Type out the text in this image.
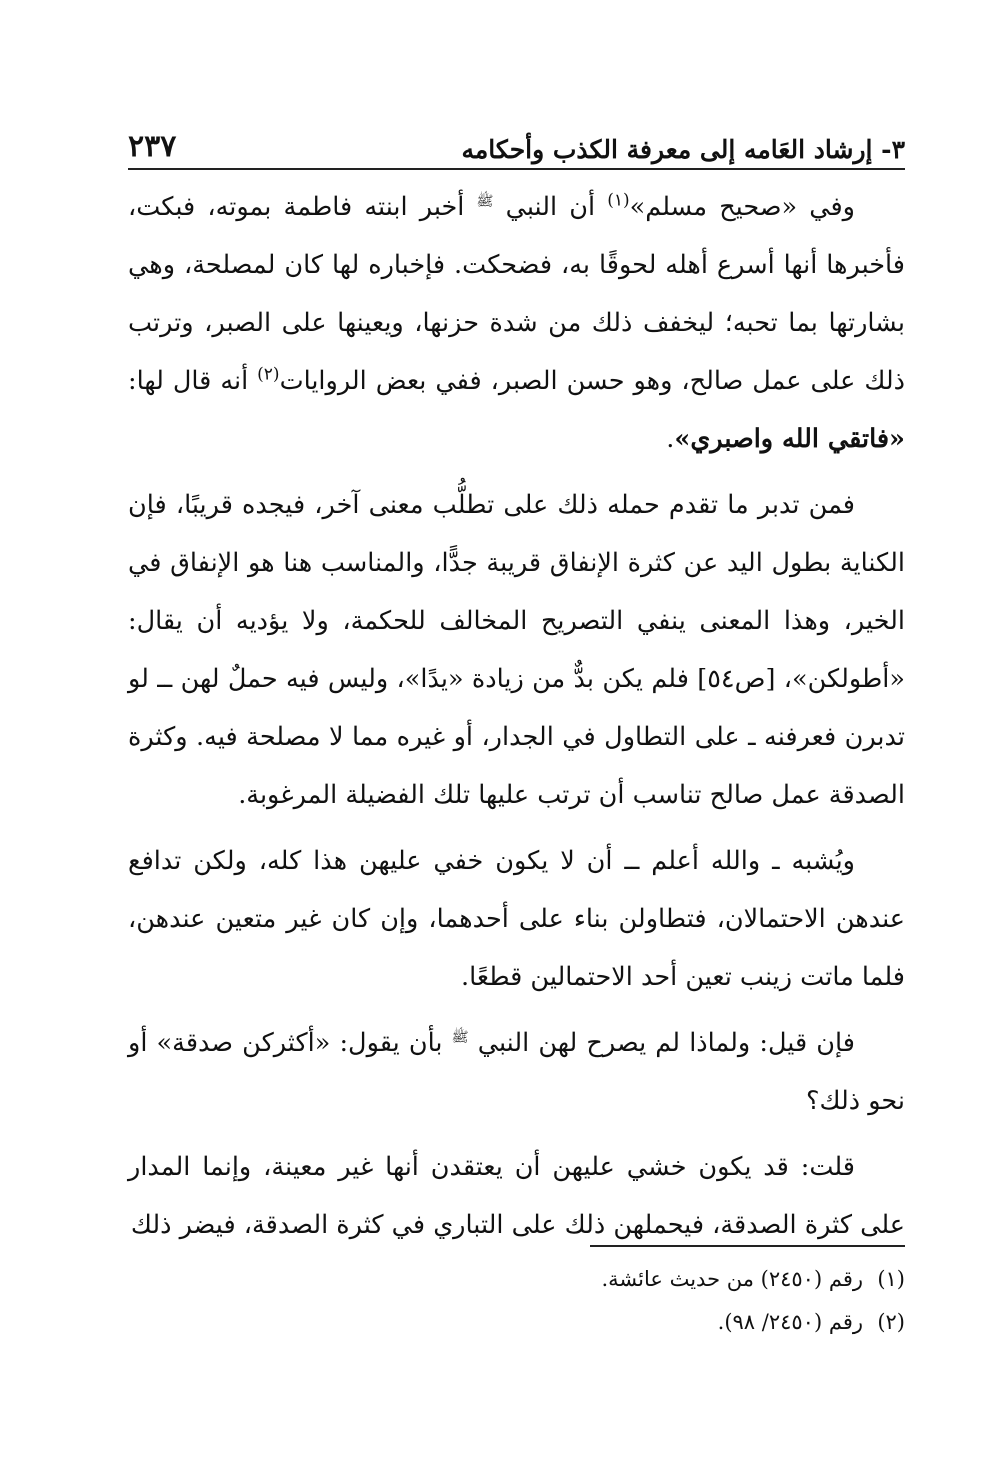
٣- إرشاد العَامه إلى معرفة الكذب وأحكامه
٢٣٧

وفي «صحيح مسلم»$^{(١)}$ أن النبي $^ﷺ$ أخبر ابنته فاطمة بموته، فبكت، فأخبرها أنها أسرع أهله لحوقًا به، فضحكت. فإخباره لها كان لمصلحة، وهي بشارتها بما تحبه؛ ليخفف ذلك من شدة حزنها، ويعينها على الصبر، وترتب ذلك على عمل صالح، وهو حسن الصبر، ففي بعض الروايات$^{(٢)}$ أنه قال لها: «فاتقي الله واصبري».

فمن تدبر ما تقدم حمله ذلك على تطلُّب معنى آخر، فيجده قريبًا، فإن الكناية بطول اليد عن كثرة الإنفاق قريبة جدًّا، والمناسب هنا هو الإنفاق في الخير، وهذا المعنى ينفي التصريح المخالف للحكمة، ولا يؤديه أن يقال: «أطولكن»، [ص٥٤] فلم يكن بدٌّ من زيادة «يدًا»، وليس فيه حملٌ لهن ــ لو تدبرن فعرفنه ـ على التطاول في الجدار، أو غيره مما لا مصلحة فيه. وكثرة الصدقة عمل صالح تناسب أن ترتب عليها تلك الفضيلة المرغوبة.

ويُشبه ـ والله أعلم ــ أن لا يكون خفي عليهن هذا كله، ولكن تدافع عندهن الاحتمالان، فتطاولن بناء على أحدهما، وإن كان غير متعين عندهن، فلما ماتت زينب تعين أحد الاحتمالين قطعًا.

فإن قيل: ولماذا لم يصرح لهن النبي $^ﷺ$ بأن يقول: «أكثركن صدقة» أو نحو ذلك؟

قلت: قد يكون خشي عليهن أن يعتقدن أنها غير معينة، وإنما المدار على كثرة الصدقة، فيحملهن ذلك على التباري في كثرة الصدقة، فيضر ذلك

(١)رقم (٢٤٥٠) من حديث عائشة.
(٢)رقم (٢٤٥٠/ ٩٨).
